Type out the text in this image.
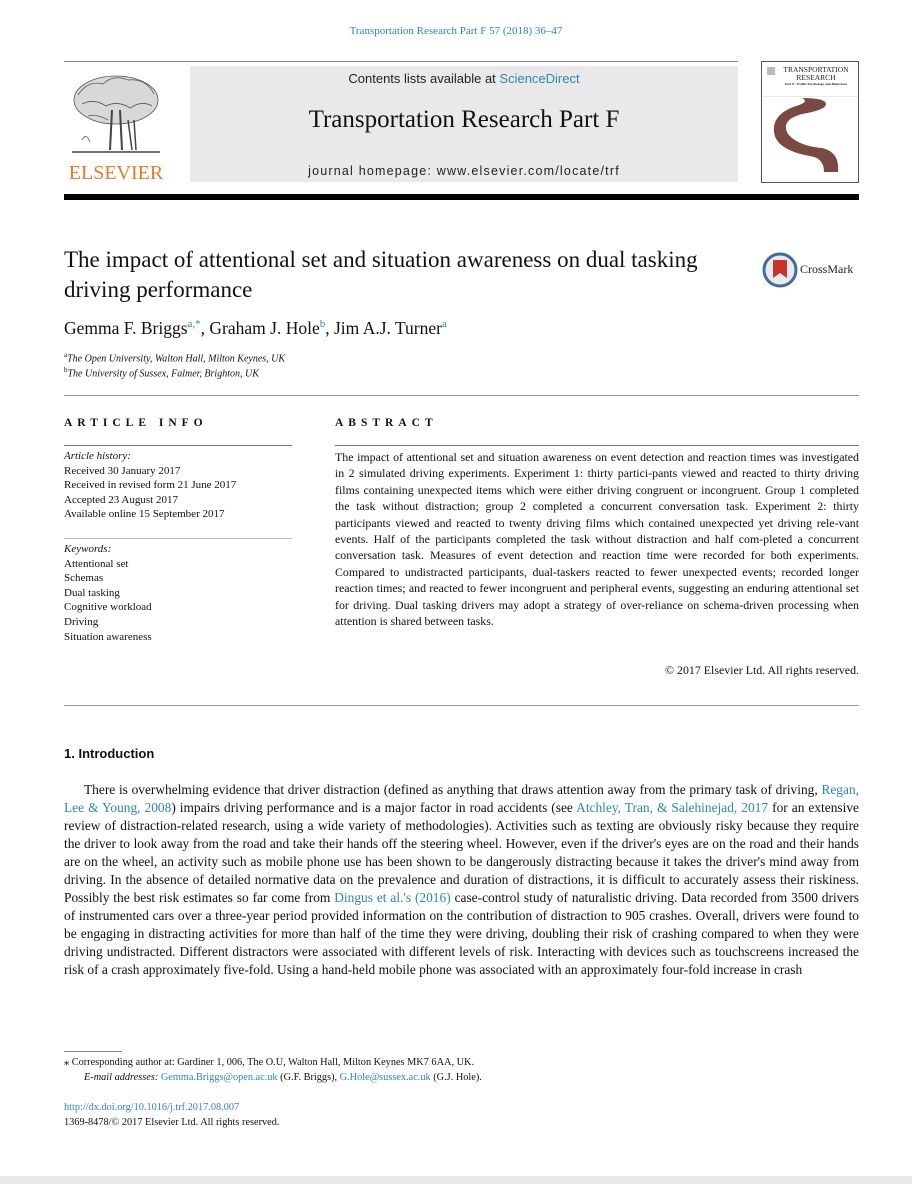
Transportation Research Part F 57 (2018) 36–47
ELSEVIER
Contents lists available at ScienceDirect
Transportation Research Part F
journal homepage: www.elsevier.com/locate/trf
TRANSPORTATION
RESEARCH
Part F: Traffic Psychology and Behaviour
The impact of attentional set and situation awareness on dual tasking driving performance
CrossMark
Gemma F. Briggs$^{a,*}$, Graham J. Hole$^b$, Jim A.J. Turner$^a$
$^a$The Open University, Walton Hall, Milton Keynes, UK
$^b$The University of Sussex, Falmer, Brighton, UK
ARTICLE INFO
Article history:
Received 30 January 2017
Received in revised form 21 June 2017
Accepted 23 August 2017
Available online 15 September 2017
Keywords:
Attentional set
Schemas
Dual tasking
Cognitive workload
Driving
Situation awareness
ABSTRACT

The impact of attentional set and situation awareness on event detection and reaction times was investigated in 2 simulated driving experiments. Experiment 1: thirty partici-pants viewed and reacted to thirty driving films containing unexpected items which were either driving congruent or incongruent. Group 1 completed the task without distraction; group 2 completed a concurrent conversation task. Experiment 2: thirty participants viewed and reacted to twenty driving films which contained unexpected yet driving rele-vant events. Half of the participants completed the task without distraction and half com-pleted a concurrent conversation task. Measures of event detection and reaction time were recorded for both experiments. Compared to undistracted participants, dual-taskers reacted to fewer unexpected events; recorded longer reaction times; and reacted to fewer incongruent and peripheral events, suggesting an enduring attentional set for driving. Dual tasking drivers may adopt a strategy of over-reliance on schema-driven processing when attention is shared between tasks.

© 2017 Elsevier Ltd. All rights reserved.
1. Introduction

There is overwhelming evidence that driver distraction (defined as anything that draws attention away from the primary task of driving, Regan, Lee & Young, 2008) impairs driving performance and is a major factor in road accidents (see Atchley, Tran, & Salehinejad, 2017 for an extensive review of distraction-related research, using a wide variety of methodologies). Activities such as texting are obviously risky because they require the driver to look away from the road and take their hands off the steering wheel. However, even if the driver's eyes are on the road and their hands are on the wheel, an activity such as mobile phone use has been shown to be dangerously distracting because it takes the driver's mind away from driving. In the absence of detailed normative data on the prevalence and duration of distractions, it is difficult to accurately assess their riskiness. Possibly the best risk estimates so far come from Dingus et al.'s (2016) case-control study of naturalistic driving. Data recorded from 3500 drivers of instrumented cars over a three-year period provided information on the contribution of distraction to 905 crashes. Overall, drivers were found to be engaging in distracting activities for more than half of the time they were driving, doubling their risk of crashing compared to when they were driving undistracted. Different distractors were associated with different levels of risk. Interacting with devices such as touchscreens increased the risk of a crash approximately five-fold. Using a hand-held mobile phone was associated with an approximately four-fold increase in crash

⁎ Corresponding author at: Gardiner 1, 006, The O.U, Walton Hall, Milton Keynes MK7 6AA, UK.
E-mail addresses: Gemma.Briggs@open.ac.uk (G.F. Briggs), G.Hole@sussex.ac.uk (G.J. Hole).
http://dx.doi.org/10.1016/j.trf.2017.08.007
1369-8478/© 2017 Elsevier Ltd. All rights reserved.
